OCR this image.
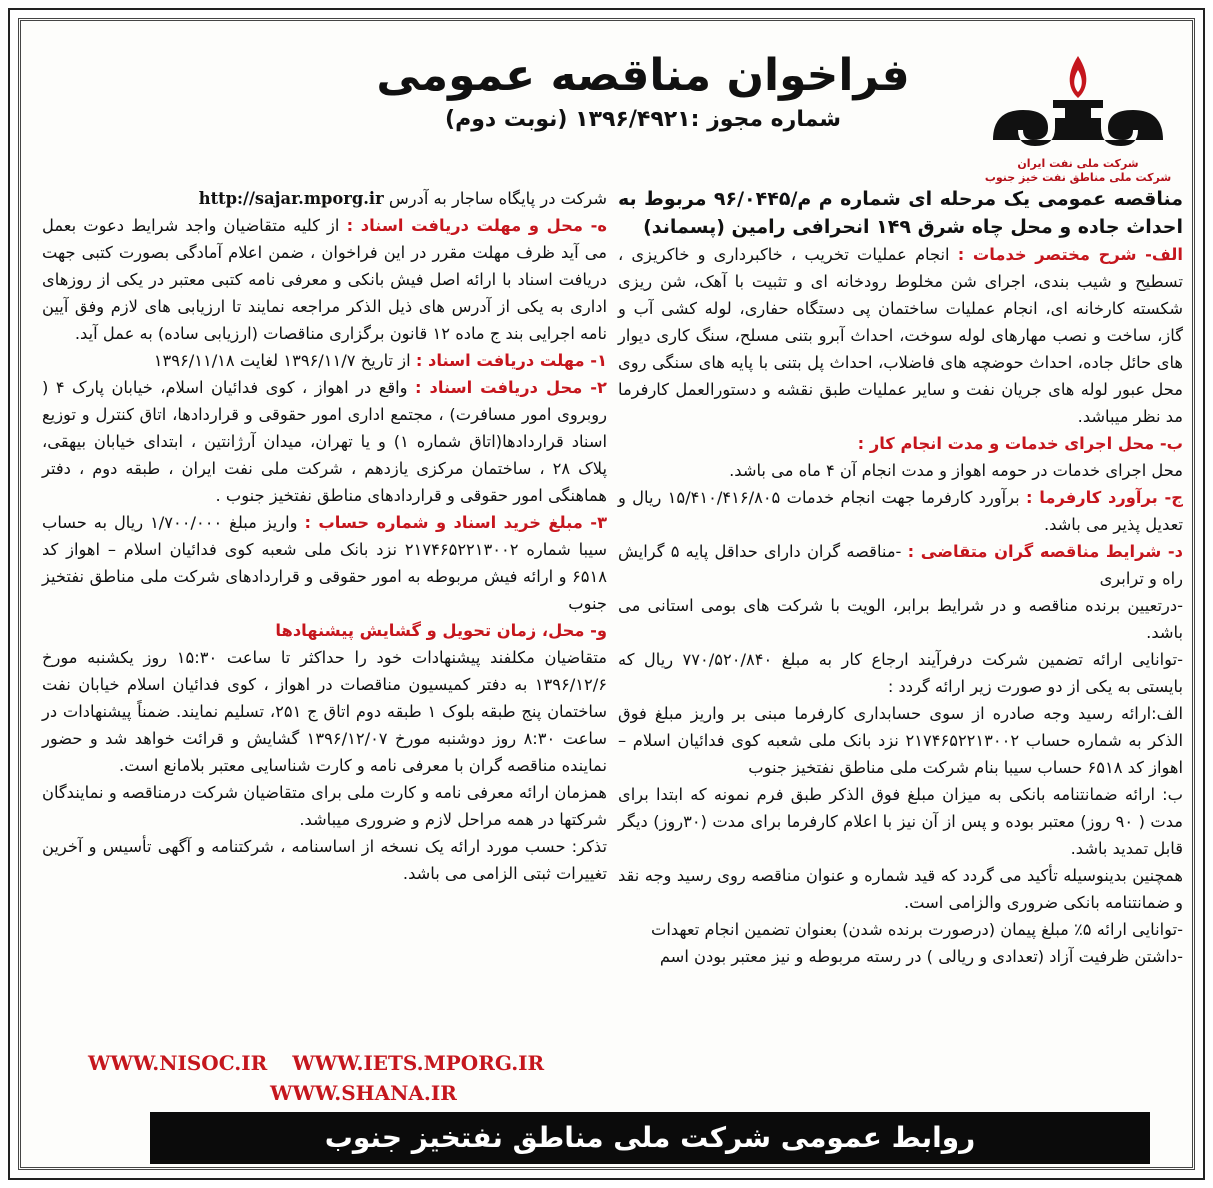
شرکت ملی نفت ایران
شرکت ملی مناطق نفت خیز جنوب
فراخوان مناقصه عمومی
شماره مجوز :۱۳۹۶/۴۹۲۱ (نوبت دوم)

مناقصه عمومی یک مرحله ای شماره م م/۹۶/۰۴۴۵ مربوط به احداث جاده و محل چاه شرق ۱۴۹ انحرافی رامین (پسماند)

الف- شرح مختصر خدمات : انجام عملیات تخریب ، خاکبرداری و خاکریزی ، تسطیح و شیب بندی، اجرای شن مخلوط رودخانه ای و تثبیت با آهک، شن ریزی شکسته کارخانه ای، انجام عملیات ساختمان پی دستگاه حفاری، لوله کشی آب و گاز، ساخت و نصب مهارهای لوله سوخت، احداث آبرو بتنی مسلح، سنگ کاری دیوار های حائل جاده، احداث حوضچه های فاضلاب، احداث پل بتنی با پایه های سنگی روی محل عبور لوله های جریان نفت و سایر عملیات طبق نقشه و دستورالعمل کارفرما مد نظر میباشد.

ب- محل اجرای خدمات و مدت انجام کار :

محل اجرای خدمات در حومه اهواز و مدت انجام آن ۴ ماه می باشد.

ج- برآورد کارفرما : برآورد کارفرما جهت انجام خدمات ۱۵/۴۱۰/۴۱۶/۸۰۵ ریال و تعدیل پذیر می باشد.

د- شرایط مناقصه گران متقاضی : -مناقصه گران دارای حداقل پایه ۵ گرایش راه و ترابری

-درتعیین برنده مناقصه و در شرایط برابر، الویت با شرکت های بومی استانی می باشد.

-توانایی ارائه تضمین شرکت درفرآیند ارجاع کار به مبلغ ۷۷۰/۵۲۰/۸۴۰ ریال که بایستی به یکی از دو صورت زیر ارائه گردد :

الف:ارائه رسید وجه صادره از سوی حسابداری کارفرما مبنی بر واریز مبلغ فوق الذکر به شماره حساب ۲۱۷۴۶۵۲۲۱۳۰۰۲ نزد بانک ملی شعبه کوی فدائیان اسلام – اهواز کد ۶۵۱۸ حساب سیبا بنام شرکت ملی مناطق نفتخیز جنوب

ب: ارائه ضمانتنامه بانکی به میزان مبلغ فوق الذکر طبق فرم نمونه که ابتدا برای مدت ( ۹۰ روز) معتبر بوده و پس از آن نیز با اعلام کارفرما برای مدت (۳۰روز) دیگر قابل تمدید باشد.

همچنین بدینوسیله تأکید می گردد که قید شماره و عنوان مناقصه روی رسید وجه نقد و ضمانتنامه بانکی ضروری والزامی است.

-توانایی ارائه ۵٪ مبلغ پیمان (درصورت برنده شدن) بعنوان تضمین انجام تعهدات

-داشتن ظرفیت آزاد (تعدادی و ریالی ) در رسته مربوطه و نیز معتبر بودن اسم

شرکت در پایگاه ساجار به آدرس http://sajar.mporg.ir

ه- محل و مهلت دریافت اسناد : از کلیه متقاضیان واجد شرایط دعوت بعمل می آید ظرف مهلت مقرر در این فراخوان ، ضمن اعلام آمادگی بصورت کتبی جهت دریافت اسناد با ارائه اصل فیش بانکی و معرفی نامه کتبی معتبر در یکی از روزهای اداری به یکی از آدرس های ذیل الذکر مراجعه نمایند تا ارزیابی های لازم وفق آیین نامه اجرایی بند ج ماده ۱۲ قانون برگزاری مناقصات (ارزیابی ساده) به عمل آید.

۱- مهلت دریافت اسناد : از تاریخ ۱۳۹۶/۱۱/۷ لغایت ۱۳۹۶/۱۱/۱۸

۲- محل دریافت اسناد : واقع در اهواز ، کوی فدائیان اسلام، خیابان پارک ۴ ( روبروی امور مسافرت) ، مجتمع اداری امور حقوقی و قراردادها، اتاق کنترل و توزیع اسناد قراردادها(اتاق شماره ۱) و یا تهران، میدان آرژانتین ، ابتدای خیابان بیهقی، پلاک ۲۸ ، ساختمان مرکزی یازدهم ، شرکت ملی نفت ایران ، طبقه دوم ، دفتر هماهنگی امور حقوقی و قراردادهای مناطق نفتخیز جنوب .

۳- مبلغ خرید اسناد و شماره حساب : واریز مبلغ ۱/۷۰۰/۰۰۰ ریال به حساب سیبا شماره ۲۱۷۴۶۵۲۲۱۳۰۰۲ نزد بانک ملی شعبه کوی فدائیان اسلام – اهواز کد ۶۵۱۸ و ارائه فیش مربوطه به امور حقوقی و قراردادهای شرکت ملی مناطق نفتخیز جنوب

و- محل، زمان تحویل و گشایش پیشنهادها

متقاضیان مکلفند پیشنهادات خود را حداکثر تا ساعت ۱۵:۳۰ روز یکشنبه مورخ ۱۳۹۶/۱۲/۶ به دفتر کمیسیون مناقصات در اهواز ، کوی فدائیان اسلام خیابان نفت ساختمان پنج طبقه بلوک ۱ طبقه دوم اتاق ج ۲۵۱، تسلیم نمایند. ضمناً پیشنهادات در ساعت ۸:۳۰ روز دوشنبه مورخ ۱۳۹۶/۱۲/۰۷ گشایش و قرائت خواهد شد و حضور نماینده مناقصه گران با معرفی نامه و کارت شناسایی معتبر بلامانع است.

همزمان ارائه معرفی نامه و کارت ملی برای متقاضیان شرکت درمناقصه و نمایندگان شرکتها در همه مراحل لازم و ضروری میباشد.

تذکر: حسب مورد ارائه یک نسخه از اساسنامه ، شرکتنامه و آگهی تأسیس و آخرین تغییرات ثبتی الزامی می باشد.

WWW.NISOC.IR WWW.IETS.MPORG.IR
WWW.SHANA.IR
روابط عمومی شرکت ملی مناطق نفتخیز جنوب
